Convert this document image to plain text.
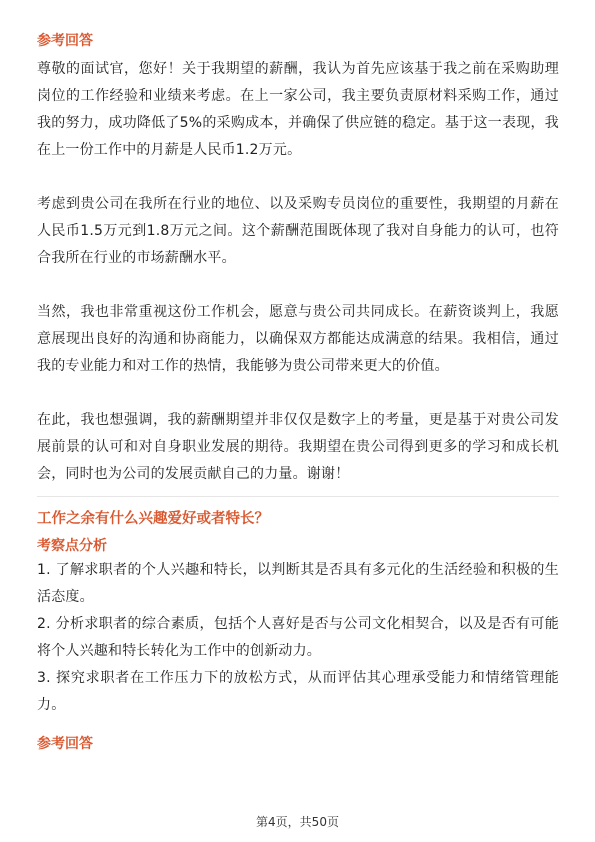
参考回答

尊敬的面试官，您好！关于我期望的薪酬，我认为首先应该基于我之前在采购助理岗位的工作经验和业绩来考虑。在上一家公司，我主要负责原材料采购工作，通过我的努力，成功降低了5%的采购成本，并确保了供应链的稳定。基于这一表现，我在上一份工作中的月薪是人民币1.2万元。

考虑到贵公司在我所在行业的地位、以及采购专员岗位的重要性，我期望的月薪在人民币1.5万元到1.8万元之间。这个薪酬范围既体现了我对自身能力的认可，也符合我所在行业的市场薪酬水平。

当然，我也非常重视这份工作机会，愿意与贵公司共同成长。在薪资谈判上，我愿意展现出良好的沟通和协商能力，以确保双方都能达成满意的结果。我相信，通过我的专业能力和对工作的热情，我能够为贵公司带来更大的价值。

在此，我也想强调，我的薪酬期望并非仅仅是数字上的考量，更是基于对贵公司发展前景的认可和对自身职业发展的期待。我期望在贵公司得到更多的学习和成长机会，同时也为公司的发展贡献自己的力量。谢谢！

工作之余有什么兴趣爱好或者特长？

考察点分析

1. 了解求职者的个人兴趣和特长，以判断其是否具有多元化的生活经验和积极的生活态度。

2. 分析求职者的综合素质，包括个人喜好是否与公司文化相契合，以及是否有可能将个人兴趣和特长转化为工作中的创新动力。

3. 探究求职者在工作压力下的放松方式，从而评估其心理承受能力和情绪管理能力。

参考回答

第4页，共50页
